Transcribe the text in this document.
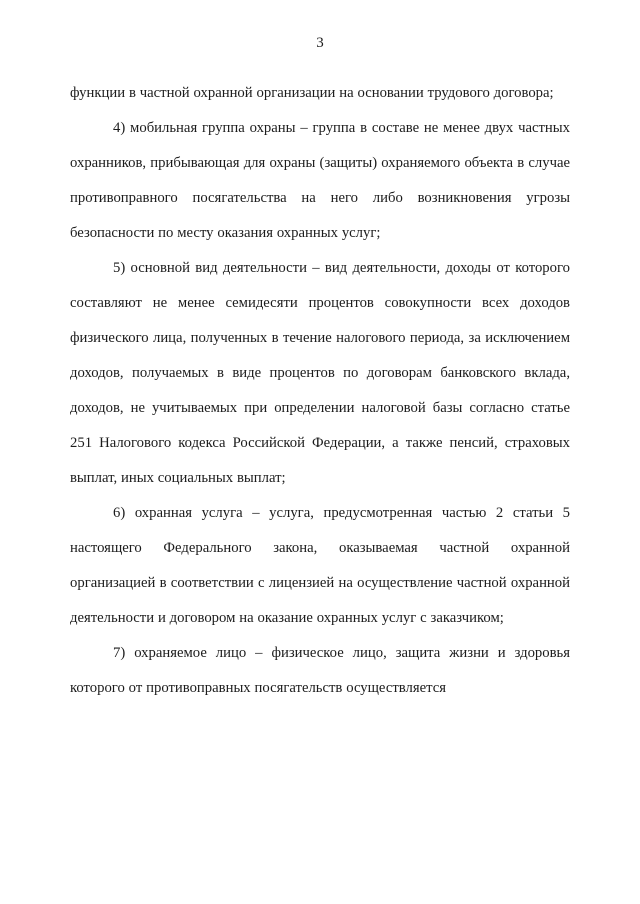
3

функции в частной охранной организации на основании трудового договора;

4) мобильная группа охраны – группа в составе не менее двух частных охранников, прибывающая для охраны (защиты) охраняемого объекта в случае противоправного посягательства на него либо возникновения угрозы безопасности по месту оказания охранных услуг;

5) основной вид деятельности – вид деятельности, доходы от которого составляют не менее семидесяти процентов совокупности всех доходов физического лица, полученных в течение налогового периода, за исключением доходов, получаемых в виде процентов по договорам банковского вклада, доходов, не учитываемых при определении налоговой базы согласно статье 251 Налогового кодекса Российской Федерации, а также пенсий, страховых выплат, иных социальных выплат;

6) охранная услуга – услуга, предусмотренная частью 2 статьи 5 настоящего Федерального закона, оказываемая частной охранной организацией в соответствии с лицензией на осуществление частной охранной деятельности и договором на оказание охранных услуг с заказчиком;

7) охраняемое лицо – физическое лицо, защита жизни и здоровья которого от противоправных посягательств осуществляется
